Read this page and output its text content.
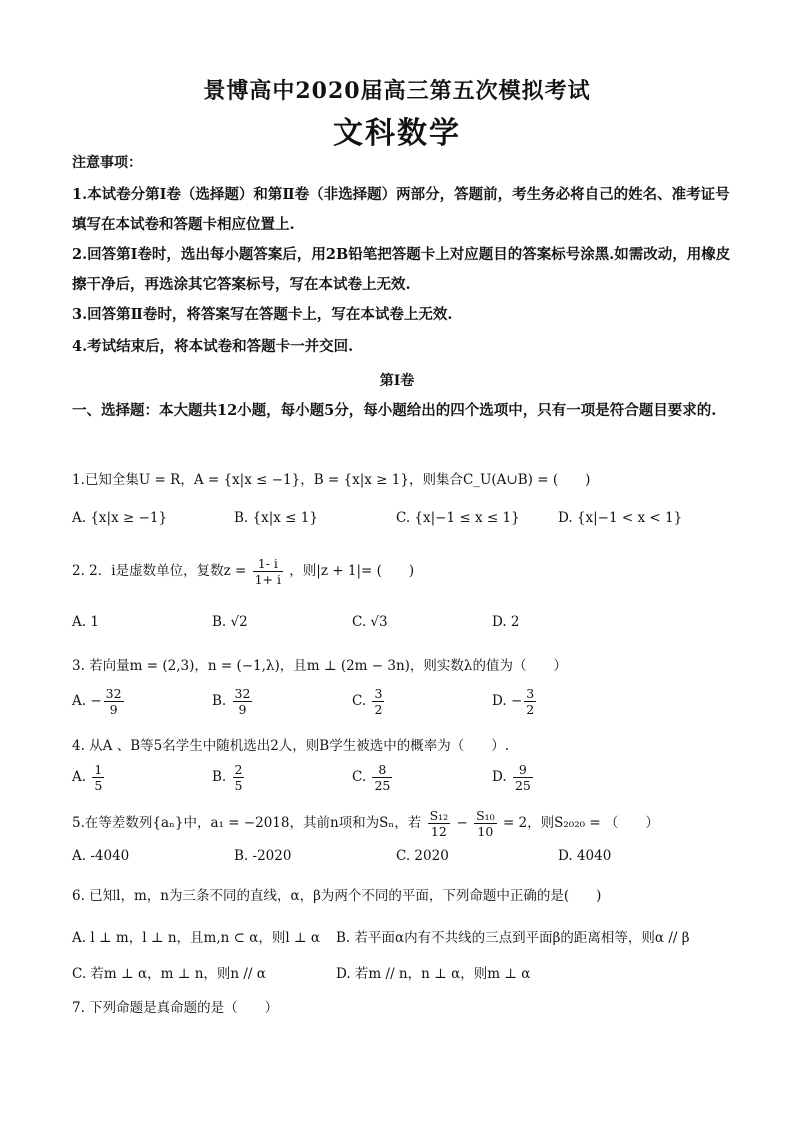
景博高中2020届高三第五次模拟考试
文科数学
注意事项：
1.本试卷分第Ⅰ卷（选择题）和第Ⅱ卷（非选择题）两部分，答题前，考生务必将自己的姓名、准考证号填写在本试卷和答题卡相应位置上.
2.回答第Ⅰ卷时，选出每小题答案后，用2B铅笔把答题卡上对应题目的答案标号涂黑.如需改动，用橡皮擦干净后，再选涂其它答案标号，写在本试卷上无效.
3.回答第Ⅱ卷时，将答案写在答题卡上，写在本试卷上无效.
4.考试结束后，将本试卷和答题卡一并交回.
第Ⅰ卷
一、选择题：本大题共12小题，每小题5分，每小题给出的四个选项中，只有一项是符合题目要求的.
1.已知全集U = R，A = {x|x ≤ −1}，B = {x|x ≥ 1}，则集合C_U(A∪B) = (　　)
A. {x|x ≥ −1}	B. {x|x ≤ 1}	C. {x|−1 ≤ x ≤ 1}	D. {x|−1 < x < 1}
2. 2．i是虚数单位，复数$z = \frac{1- i}{1+ i}$ ，则|z + 1|= (　　)
A. 1	B. √2	C. √3	D. 2
3. 若向量m = (2,3)，n = (−1,λ)，且m ⊥ (2m − 3n)，则实数λ的值为（　　）
A. − $\frac{32}{9}$	B. $\frac{32}{9}$	C. $\frac{3}{2}$	D. − $\frac{3}{2}$
4. 从A 、B等5名学生中随机选出2人，则B学生被选中的概率为（　　）.
A. $\frac{1}{5}$	B. $\frac{2}{5}$	C. $\frac{8}{25}$	D. $\frac{9}{25}$
5.在等差数列{aₙ}中，a₁ = −2018，其前n项和为Sₙ，若 $\frac{\text{S₁₂}}{12} - \frac{\text{S₁₀}}{10} = 2$，则S₂₀₂₀ = （　　）
A. -4040	B. -2020	C. 2020	D. 4040
6. 已知l，m，n为三条不同的直线，α，β为两个不同的平面，下列命题中正确的是(　　)
A. l ⊥ m，l ⊥ n，且m,n ⊂ α，则l ⊥ α B. 若平面α内有不共线的三点到平面β的距离相等，则α // β
C. 若m ⊥ α，m ⊥ n，则n // α	D. 若m // n，n ⊥ α，则m ⊥ α
7. 下列命题是真命题的是（　　）
